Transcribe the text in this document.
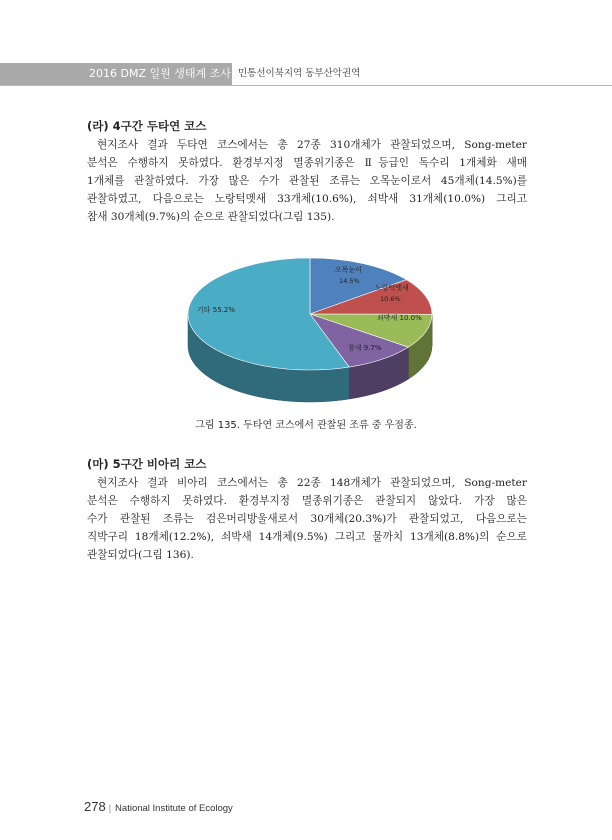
2016 DMZ 일원 생태계 조사 민통선이북지역 동부산악권역
(라) 4구간 두타연 코스
현지조사 결과 두타연 코스에서는 총 27종 310개체가 관찰되었으며, Song-meter
분석은 수행하지 못하였다. 환경부지정 멸종위기종은 Ⅱ등급인 독수리 1개체화 새매
1개체를 관찰하였다. 가장 많은 수가 관찰된 조류는 오목눈이로서 45개체(14.5%)를
관찰하였고, 다음으로는 노랑턱멧새 33개체(10.6%), 쇠박새 31개체(10.0%) 그리고
참새 30개체(9.7%)의 순으로 관찰되었다(그림 135).
오목눈이
14.5%
노랑턱멧새
10.6%
쇠박새 10.0%
참새 9.7%
기타 55.2%
그림 135. 두타연 코스에서 관찰된 조류 중 우점종.
(마) 5구간 비아리 코스
현지조사 결과 비아리 코스에서는 총 22종 148개체가 관찰되었으며, Song-meter
분석은 수행하지 못하였다. 환경부지정 멸종위기종은 관찰되지 않았다. 가장 많은
수가 관찰된 조류는 검은머리방울새로서 30개체(20.3%)가 관찰되었고, 다음으로는
직박구리 18개체(12.2%), 쇠박새 14개체(9.5%) 그리고 물까치 13개체(8.8%)의 순으로
관찰되었다(그림 136).
278 | National Institute of Ecology
